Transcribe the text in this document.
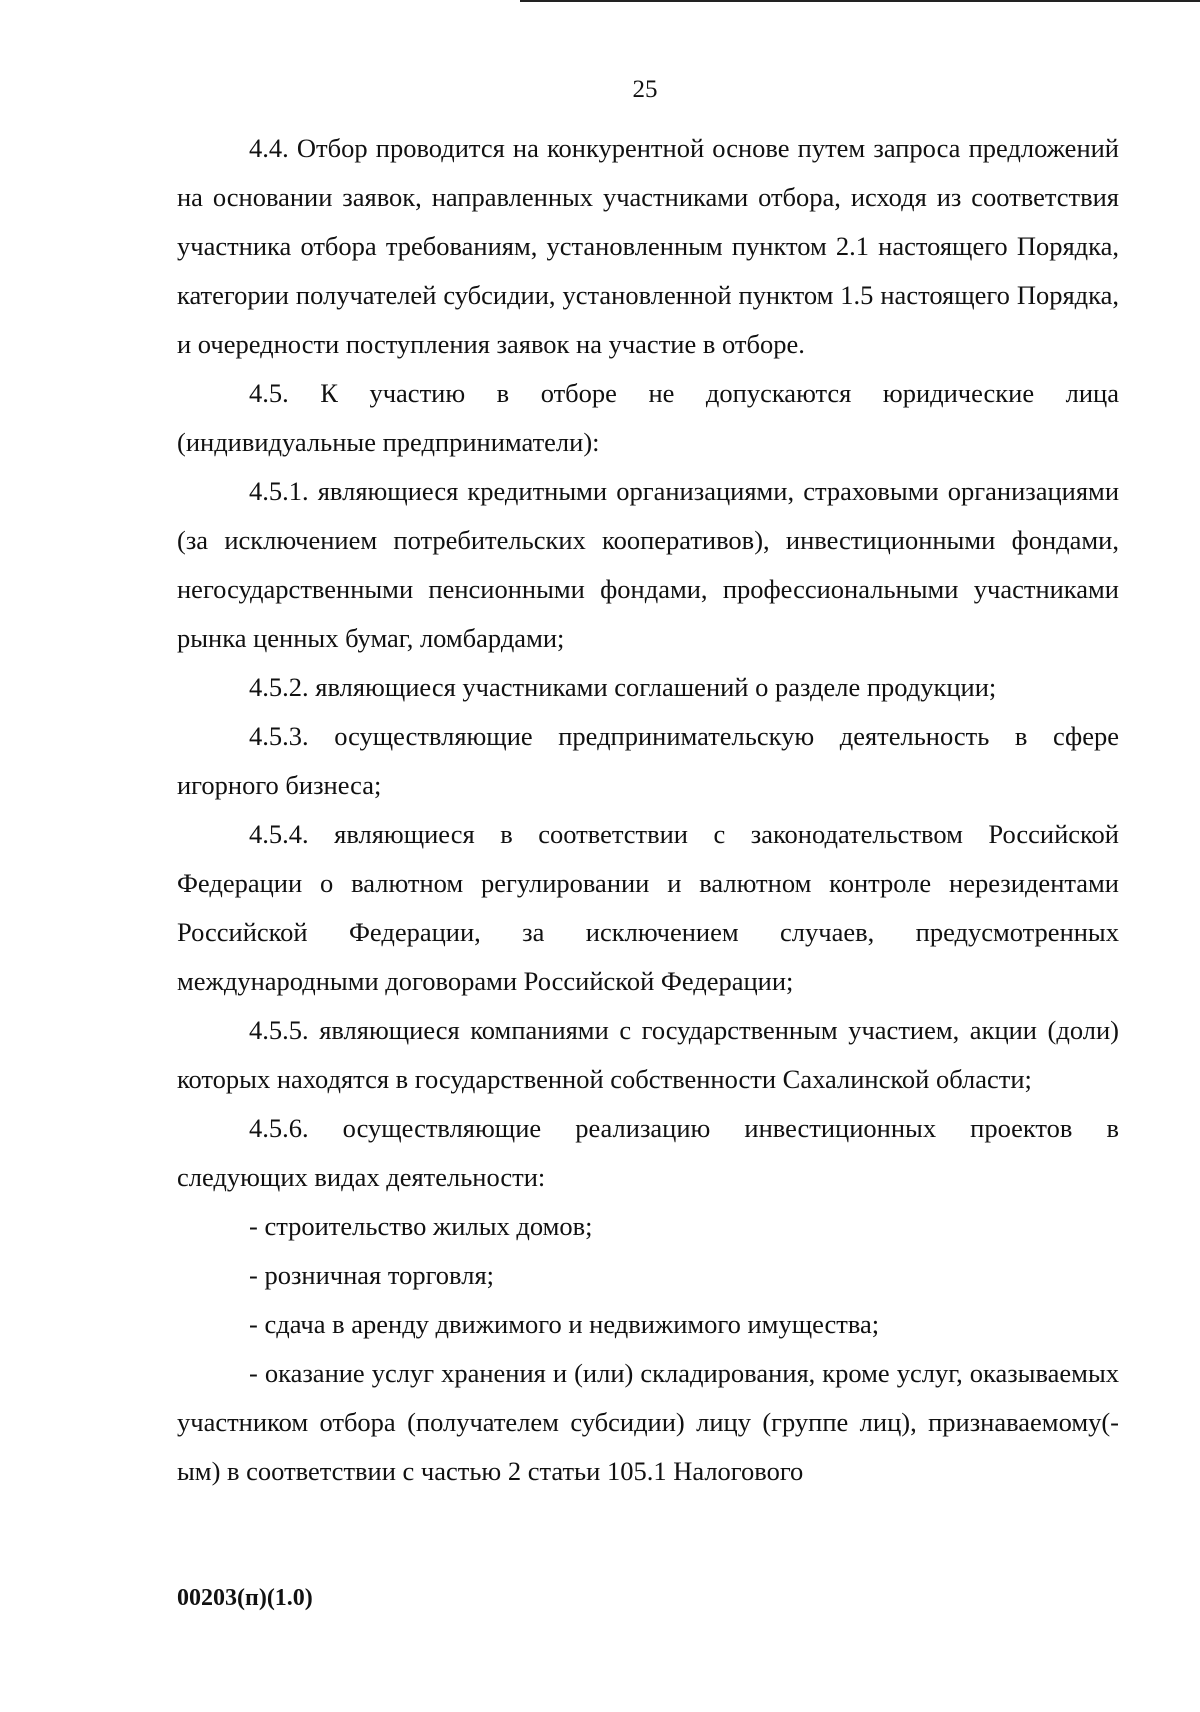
25

4.4. Отбор проводится на конкурентной основе путем запроса предложений на основании заявок, направленных участниками отбора, исходя из соответствия участника отбора требованиям, установленным пунктом 2.1 настоящего Порядка, категории получателей субсидии, установленной пунктом 1.5 настоящего Порядка, и очередности поступления заявок на участие в отборе.

4.5. К участию в отборе не допускаются юридические лица (индивидуальные предприниматели):

4.5.1. являющиеся кредитными организациями, страховыми организациями (за исключением потребительских кооперативов), инвестиционными фондами, негосударственными пенсионными фондами, профессиональными участниками рынка ценных бумаг, ломбардами;

4.5.2. являющиеся участниками соглашений о разделе продукции;

4.5.3. осуществляющие предпринимательскую деятельность в сфере игорного бизнеса;

4.5.4. являющиеся в соответствии с законодательством Российской Федерации о валютном регулировании и валютном контроле нерезидентами Российской Федерации, за исключением случаев, предусмотренных международными договорами Российской Федерации;

4.5.5. являющиеся компаниями с государственным участием, акции (доли) которых находятся в государственной собственности Сахалинской области;

4.5.6. осуществляющие реализацию инвестиционных проектов в следующих видах деятельности:

- строительство жилых домов;

- розничная торговля;

- сдача в аренду движимого и недвижимого имущества;

- оказание услуг хранения и (или) складирования, кроме услуг, оказываемых участником отбора (получателем субсидии) лицу (группе лиц), признаваемому(-ым) в соответствии с частью 2 статьи 105.1 Налогового

00203(п)(1.0)
